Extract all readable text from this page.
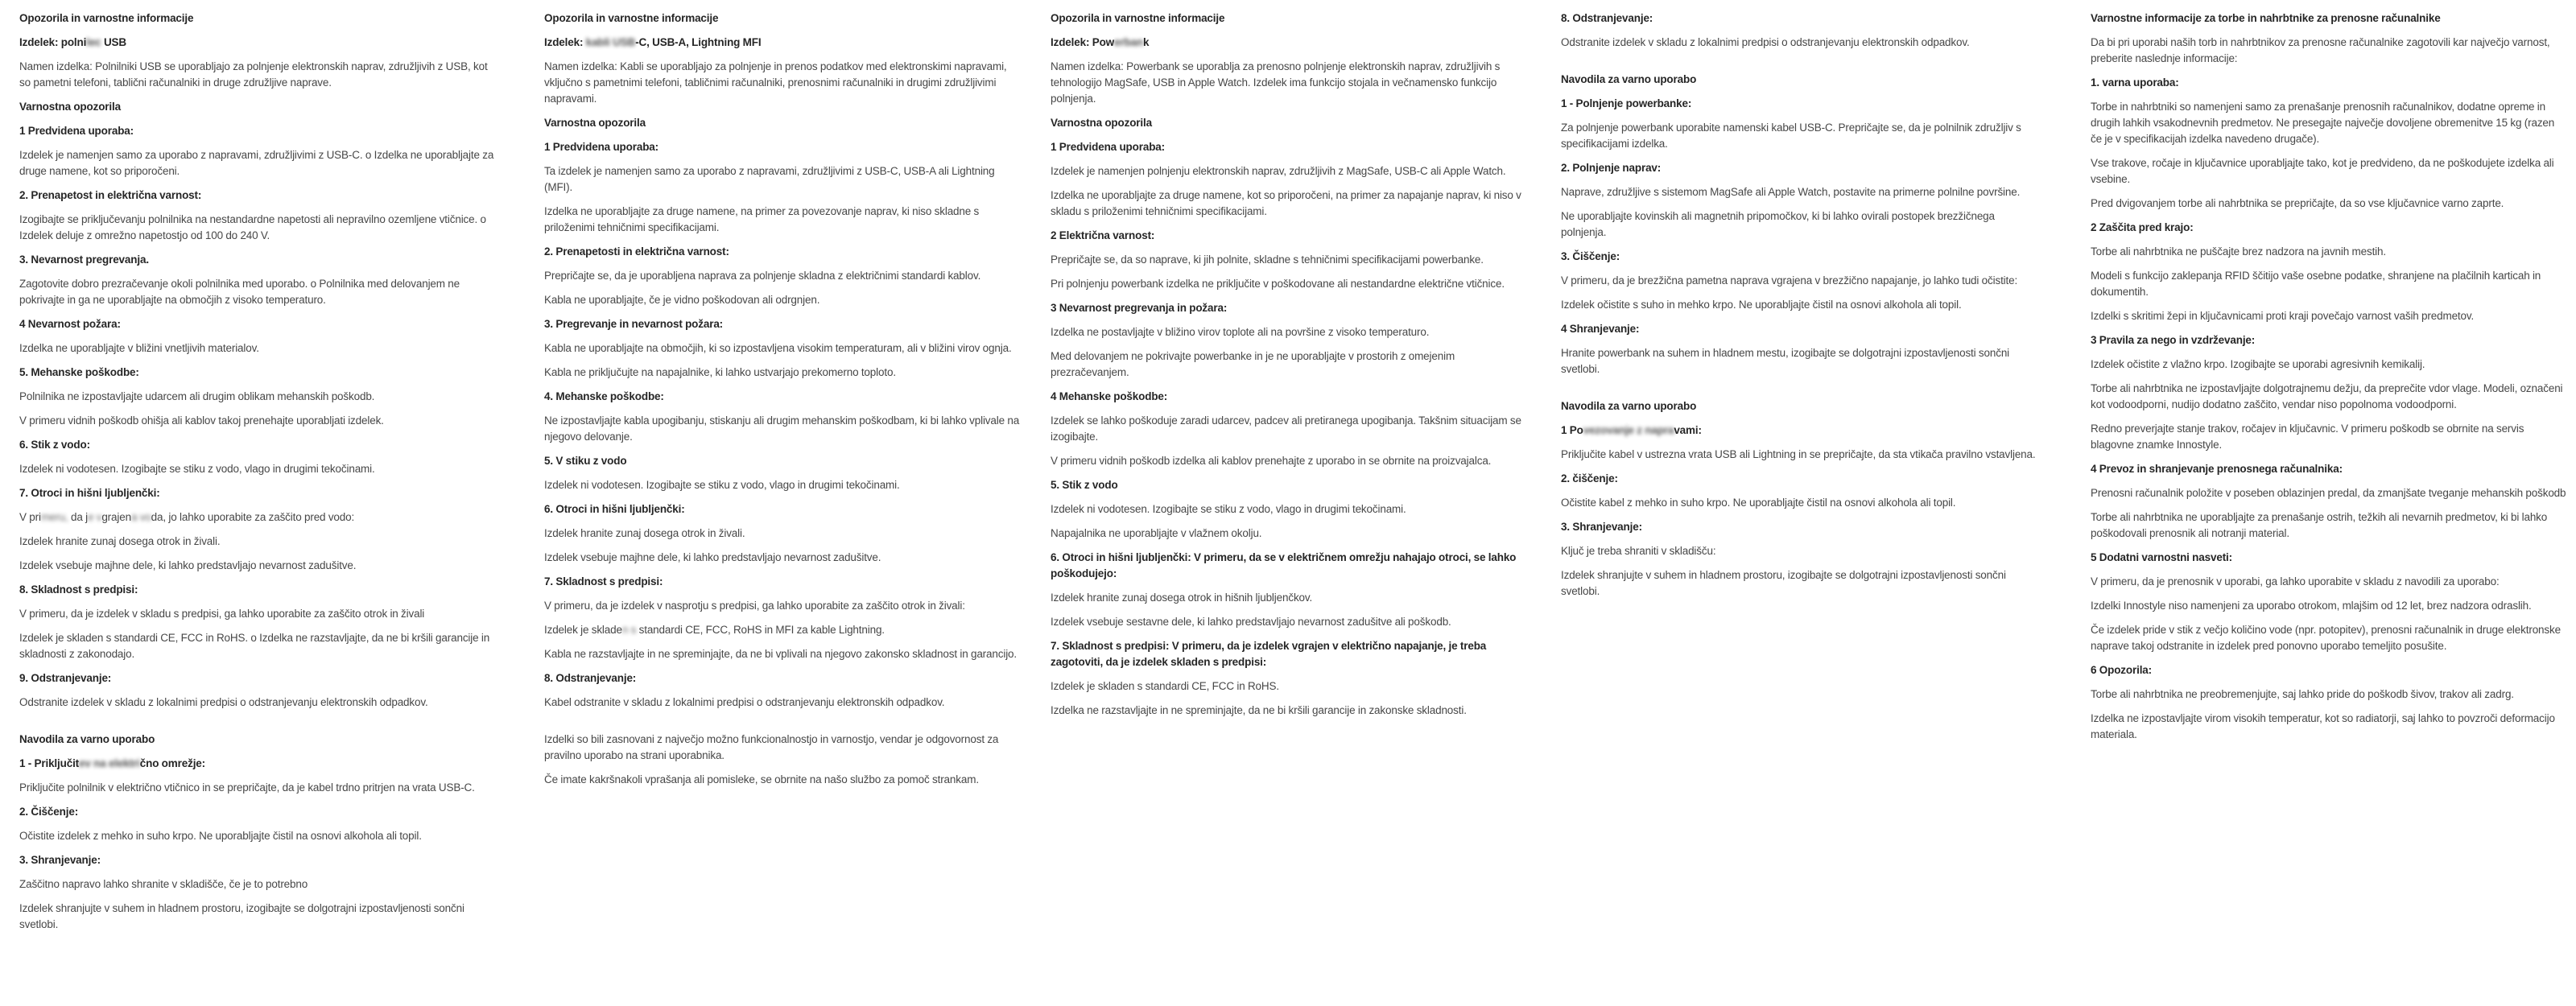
Opozorila in varnostne informacije
Izdelek: polnilec USB
Namen izdelka: Polnilniki USB se uporabljajo za polnjenje elektronskih naprav, združljivih z USB, kot so pametni telefoni, tablični računalniki in druge združljive naprave.
Varnostna opozorila
1 Predvidena uporaba:
Izdelek je namenjen samo za uporabo z napravami, združljivimi z USB-C. o Izdelka ne uporabljajte za druge namene, kot so priporočeni.
2. Prenapetost in električna varnost:
Izogibajte se priključevanju polnilnika na nestandardne napetosti ali nepravilno ozemljene vtičnice. o Izdelek deluje z omrežno napetostjo od 100 do 240 V.
3. Nevarnost pregrevanja.
Zagotovite dobro prezračevanje okoli polnilnika med uporabo. o Polnilnika med delovanjem ne pokrivajte in ga ne uporabljajte na območjih z visoko temperaturo.
4 Nevarnost požara:
Izdelka ne uporabljajte v bližini vnetljivih materialov.
5. Mehanske poškodbe:
Polnilnika ne izpostavljajte udarcem ali drugim oblikam mehanskih poškodb.
V primeru vidnih poškodb ohišja ali kablov takoj prenehajte uporabljati izdelek.
6. Stik z vodo:
Izdelek ni vodotesen. Izogibajte se stiku z vodo, vlago in drugimi tekočinami.
7. Otroci in hišni ljubljenčki:
V primeru, da je vgrajena voda, jo lahko uporabite za zaščito pred vodo:
Izdelek hranite zunaj dosega otrok in živali.
Izdelek vsebuje majhne dele, ki lahko predstavljajo nevarnost zadušitve.
8. Skladnost s predpisi:
V primeru, da je izdelek v skladu s predpisi, ga lahko uporabite za zaščito otrok in živali
Izdelek je skladen s standardi CE, FCC in RoHS. o Izdelka ne razstavljajte, da ne bi kršili garancije in skladnosti z zakonodajo.
9. Odstranjevanje:
Odstranite izdelek v skladu z lokalnimi predpisi o odstranjevanju elektronskih odpadkov.
Navodila za varno uporabo
1 - Priključitev na električno omrežje:
Priključite polnilnik v električno vtičnico in se prepričajte, da je kabel trdno pritrjen na vrata USB-C.
2. Čiščenje:
Očistite izdelek z mehko in suho krpo. Ne uporabljajte čistil na osnovi alkohola ali topil.
3. Shranjevanje:
Zaščitno napravo lahko shranite v skladišče, če je to potrebno
Izdelek shranjujte v suhem in hladnem prostoru, izogibajte se dolgotrajni izpostavljenosti sončni svetlobi.
Opozorila in varnostne informacije
Izdelek: kabli USB-C, USB-A, Lightning MFI
Namen izdelka: Kabli se uporabljajo za polnjenje in prenos podatkov med elektronskimi napravami, vključno s pametnimi telefoni, tabličnimi računalniki, prenosnimi računalniki in drugimi združljivimi napravami.
Varnostna opozorila
1 Predvidena uporaba:
Ta izdelek je namenjen samo za uporabo z napravami, združljivimi z USB-C, USB-A ali Lightning (MFI).
Izdelka ne uporabljajte za druge namene, na primer za povezovanje naprav, ki niso skladne s priloženimi tehničnimi specifikacijami.
2. Prenapetosti in električna varnost:
Prepričajte se, da je uporabljena naprava za polnjenje skladna z električnimi standardi kablov.
Kabla ne uporabljajte, če je vidno poškodovan ali odrgnjen.
3. Pregrevanje in nevarnost požara:
Kabla ne uporabljajte na območjih, ki so izpostavljena visokim temperaturam, ali v bližini virov ognja.
Kabla ne priključujte na napajalnike, ki lahko ustvarjajo prekomerno toploto.
4. Mehanske poškodbe:
Ne izpostavljajte kabla upogibanju, stiskanju ali drugim mehanskim poškodbam, ki bi lahko vplivale na njegovo delovanje.
5. V stiku z vodo
Izdelek ni vodotesen. Izogibajte se stiku z vodo, vlago in drugimi tekočinami.
6. Otroci in hišni ljubljenčki:
Izdelek hranite zunaj dosega otrok in živali.
Izdelek vsebuje majhne dele, ki lahko predstavljajo nevarnost zadušitve.
7. Skladnost s predpisi:
V primeru, da je izdelek v nasprotju s predpisi, ga lahko uporabite za zaščito otrok in živali:
Izdelek je skladen s standardi CE, FCC, RoHS in MFI za kable Lightning.
Kabla ne razstavljajte in ne spreminjajte, da ne bi vplivali na njegovo zakonsko skladnost in garancijo.
8. Odstranjevanje:
Kabel odstranite v skladu z lokalnimi predpisi o odstranjevanju elektronskih odpadkov.
Izdelki so bili zasnovani z največjo možno funkcionalnostjo in varnostjo, vendar je odgovornost za pravilno uporabo na strani uporabnika.
Če imate kakršnakoli vprašanja ali pomisleke, se obrnite na našo službo za pomoč strankam.
Opozorila in varnostne informacije
Izdelek: Powerbank
Namen izdelka: Powerbank se uporablja za prenosno polnjenje elektronskih naprav, združljivih s tehnologijo MagSafe, USB in Apple Watch. Izdelek ima funkcijo stojala in večnamensko funkcijo polnjenja.
Varnostna opozorila
1 Predvidena uporaba:
Izdelek je namenjen polnjenju elektronskih naprav, združljivih z MagSafe, USB-C ali Apple Watch.
Izdelka ne uporabljajte za druge namene, kot so priporočeni, na primer za napajanje naprav, ki niso v skladu s priloženimi tehničnimi specifikacijami.
2 Električna varnost:
Prepričajte se, da so naprave, ki jih polnite, skladne s tehničnimi specifikacijami powerbanke.
Pri polnjenju powerbank izdelka ne priključite v poškodovane ali nestandardne električne vtičnice.
3 Nevarnost pregrevanja in požara:
Izdelka ne postavljajte v bližino virov toplote ali na površine z visoko temperaturo.
Med delovanjem ne pokrivajte powerbanke in je ne uporabljajte v prostorih z omejenim prezračevanjem.
4 Mehanske poškodbe:
Izdelek se lahko poškoduje zaradi udarcev, padcev ali pretiranega upogibanja. Takšnim situacijam se izogibajte.
V primeru vidnih poškodb izdelka ali kablov prenehajte z uporabo in se obrnite na proizvajalca.
5. Stik z vodo
Izdelek ni vodotesen. Izogibajte se stiku z vodo, vlago in drugimi tekočinami.
Napajalnika ne uporabljajte v vlažnem okolju.
6. Otroci in hišni ljubljenčki: V primeru, da se v električnem omrežju nahajajo otroci, se lahko poškodujejo:
Izdelek hranite zunaj dosega otrok in hišnih ljubljenčkov.
Izdelek vsebuje sestavne dele, ki lahko predstavljajo nevarnost zadušitve ali poškodb.
7. Skladnost s predpisi: V primeru, da je izdelek vgrajen v električno napajanje, je treba zagotoviti, da je izdelek skladen s predpisi:
Izdelek je skladen s standardi CE, FCC in RoHS.
Izdelka ne razstavljajte in ne spreminjajte, da ne bi kršili garancije in zakonske skladnosti.
8. Odstranjevanje:
Odstranite izdelek v skladu z lokalnimi predpisi o odstranjevanju elektronskih odpadkov.
Navodila za varno uporabo
1 - Polnjenje powerbanke:
Za polnjenje powerbank uporabite namenski kabel USB-C. Prepričajte se, da je polnilnik združljiv s specifikacijami izdelka.
2. Polnjenje naprav:
Naprave, združljive s sistemom MagSafe ali Apple Watch, postavite na primerne polnilne površine.
Ne uporabljajte kovinskih ali magnetnih pripomočkov, ki bi lahko ovirali postopek brezžičnega polnjenja.
3. Čiščenje:
V primeru, da je brezžična pametna naprava vgrajena v brezžično napajanje, jo lahko tudi očistite:
Izdelek očistite s suho in mehko krpo. Ne uporabljajte čistil na osnovi alkohola ali topil.
4 Shranjevanje:
Hranite powerbank na suhem in hladnem mestu, izogibajte se dolgotrajni izpostavljenosti sončni svetlobi.
Navodila za varno uporabo
1 Povezovanje z napravami:
Priključite kabel v ustrezna vrata USB ali Lightning in se prepričajte, da sta vtikača pravilno vstavljena.
2. čiščenje:
Očistite kabel z mehko in suho krpo. Ne uporabljajte čistil na osnovi alkohola ali topil.
3. Shranjevanje:
Ključ je treba shraniti v skladišču:
Izdelek shranjujte v suhem in hladnem prostoru, izogibajte se dolgotrajni izpostavljenosti sončni svetlobi.
Varnostne informacije za torbe in nahrbtnike za prenosne računalnike
Da bi pri uporabi naših torb in nahrbtnikov za prenosne računalnike zagotovili kar največjo varnost, preberite naslednje informacije:
1. varna uporaba:
Torbe in nahrbtniki so namenjeni samo za prenašanje prenosnih računalnikov, dodatne opreme in drugih lahkih vsakodnevnih predmetov. Ne presegajte največje dovoljene obremenitve 15 kg (razen če je v specifikacijah izdelka navedeno drugače).
Vse trakove, ročaje in ključavnice uporabljajte tako, kot je predvideno, da ne poškodujete izdelka ali vsebine.
Pred dvigovanjem torbe ali nahrbtnika se prepričajte, da so vse ključavnice varno zaprte.
2 Zaščita pred krajo:
Torbe ali nahrbtnika ne puščajte brez nadzora na javnih mestih.
Modeli s funkcijo zaklepanja RFID ščitijo vaše osebne podatke, shranjene na plačilnih karticah in dokumentih.
Izdelki s skritimi žepi in ključavnicami proti kraji povečajo varnost vaših predmetov.
3 Pravila za nego in vzdrževanje:
Izdelek očistite z vlažno krpo. Izogibajte se uporabi agresivnih kemikalij.
Torbe ali nahrbtnika ne izpostavljajte dolgotrajnemu dežju, da preprečite vdor vlage. Modeli, označeni kot vodoodporni, nudijo dodatno zaščito, vendar niso popolnoma vodoodporni.
Redno preverjajte stanje trakov, ročajev in ključavnic. V primeru poškodb se obrnite na servis blagovne znamke Innostyle.
4 Prevoz in shranjevanje prenosnega računalnika:
Prenosni računalnik položite v poseben oblazinjen predal, da zmanjšate tveganje mehanskih poškodb
Torbe ali nahrbtnika ne uporabljajte za prenašanje ostrih, težkih ali nevarnih predmetov, ki bi lahko poškodovali prenosnik ali notranji material.
5 Dodatni varnostni nasveti:
V primeru, da je prenosnik v uporabi, ga lahko uporabite v skladu z navodili za uporabo:
Izdelki Innostyle niso namenjeni za uporabo otrokom, mlajšim od 12 let, brez nadzora odraslih.
Če izdelek pride v stik z večjo količino vode (npr. potopitev), prenosni računalnik in druge elektronske naprave takoj odstranite in izdelek pred ponovno uporabo temeljito posušite.
6 Opozorila:
Torbe ali nahrbtnika ne preobremenjujte, saj lahko pride do poškodb šivov, trakov ali zadrg.
Izdelka ne izpostavljajte virom visokih temperatur, kot so radiatorji, saj lahko to povzroči deformacijo materiala.
